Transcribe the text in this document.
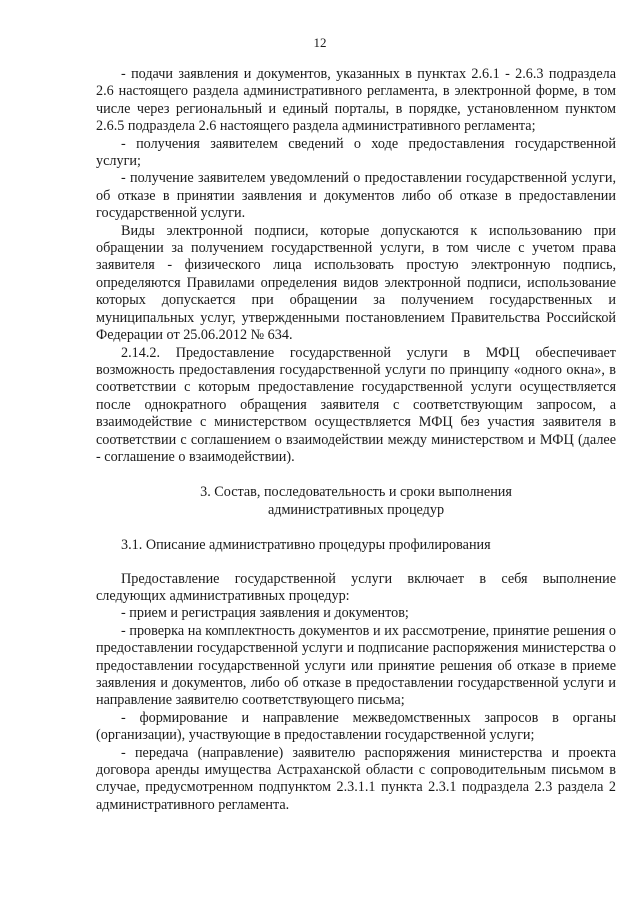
12

- подачи заявления и документов, указанных в пунктах 2.6.1 - 2.6.3 подраздела 2.6 настоящего раздела административного регламента, в электронной форме, в том числе через региональный и единый порталы, в порядке, установленном пунктом 2.6.5 подраздела 2.6 настоящего раздела административного регламента;

- получения заявителем сведений о ходе предоставления государственной услуги;

- получение заявителем уведомлений о предоставлении государственной услуги, об отказе в принятии заявления и документов либо об отказе в предоставлении государственной услуги.

Виды электронной подписи, которые допускаются к использованию при обращении за получением государственной услуги, в том числе с учетом права заявителя - физического лица использовать простую электронную подпись, определяются Правилами определения видов электронной подписи, использование которых допускается при обращении за получением государственных и муниципальных услуг, утвержденными постановлением Правительства Российской Федерации от 25.06.2012 № 634.

2.14.2. Предоставление государственной услуги в МФЦ обеспечивает возможность предоставления государственной услуги по принципу «одного окна», в соответствии с которым предоставление государственной услуги осуществляется после однократного обращения заявителя с соответствующим запросом, а взаимодействие с министерством осуществляется МФЦ без участия заявителя в соответствии с соглашением о взаимодействии между министерством и МФЦ (далее - соглашение о взаимодействии).

3. Состав, последовательность и сроки выполнения

административных процедур

3.1. Описание административно процедуры профилирования

Предоставление государственной услуги включает в себя выполнение следующих административных процедур:

- прием и регистрация заявления и документов;

- проверка на комплектность документов и их рассмотрение, принятие решения о предоставлении государственной услуги и подписание распоряжения министерства о предоставлении государственной услуги или принятие решения об отказе в приеме заявления и документов, либо об отказе в предоставлении государственной услуги и направление заявителю соответствующего письма;

- формирование и направление межведомственных запросов в органы (организации), участвующие в предоставлении государственной услуги;

- передача (направление) заявителю распоряжения министерства и проекта договора аренды имущества Астраханской области с сопроводительным письмом в случае, предусмотренном подпунктом 2.3.1.1 пункта 2.3.1 подраздела 2.3 раздела 2 административного регламента.
